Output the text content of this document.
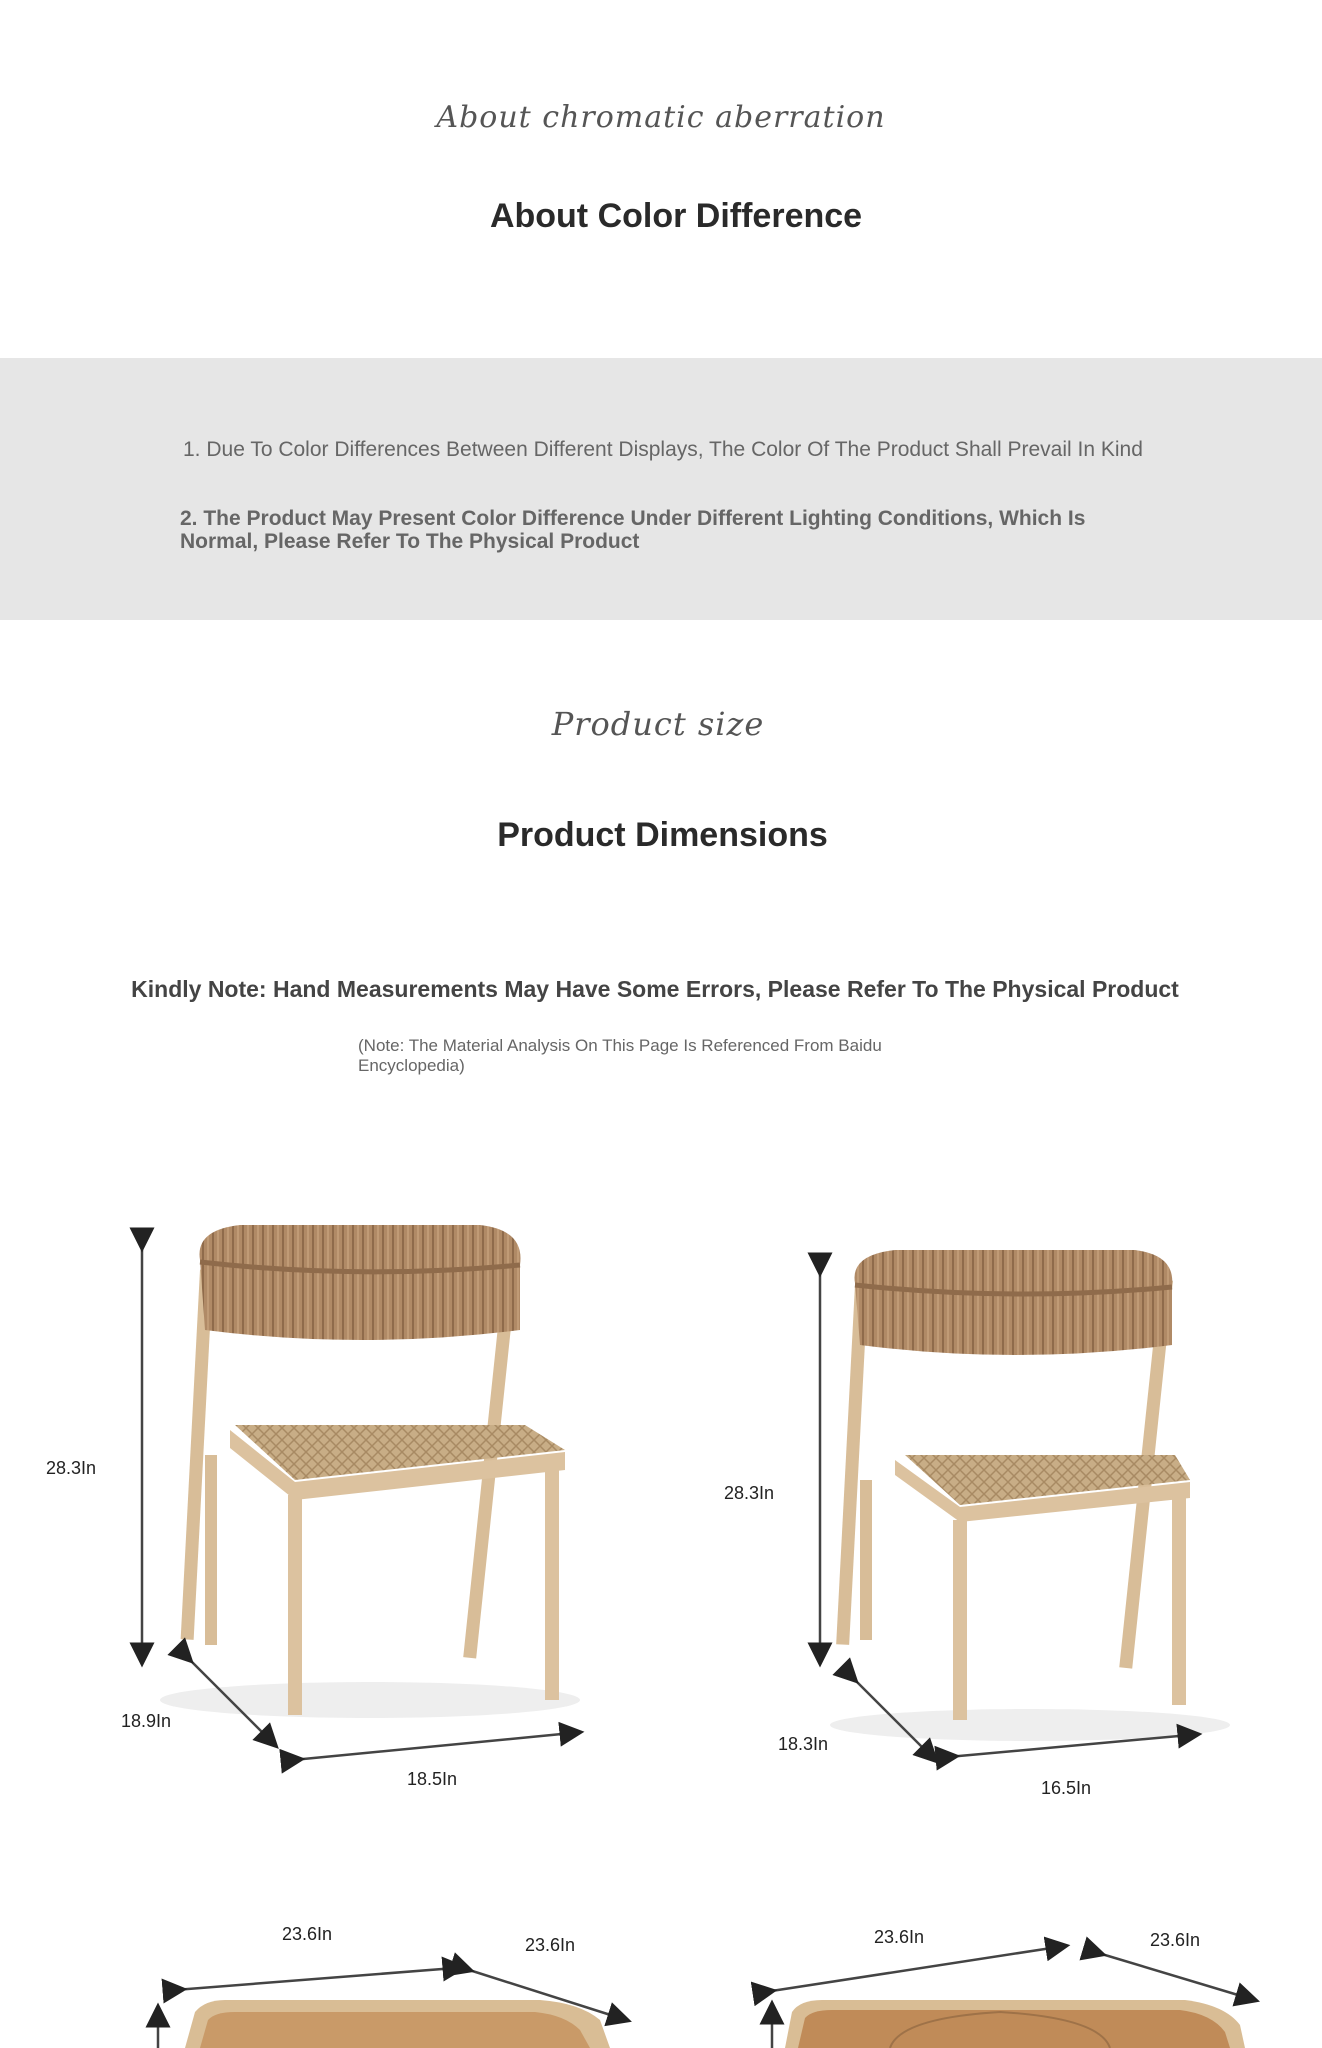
About chromatic aberration
About Color Difference
1. Due To Color Differences Between Different Displays, The Color Of The Product Shall Prevail In Kind
2. The Product May Present Color Difference Under Different Lighting Conditions, Which Is Normal, Please Refer To The Physical Product
Product size
Product Dimensions
Kindly Note: Hand Measurements May Have Some Errors, Please Refer To The Physical Product
(Note: The Material Analysis On This Page Is Referenced From Baidu Encyclopedia)
28.3In
18.9In
18.5In
28.3In
18.3In
16.5In
23.6In
23.6In	23.6In	23.6In
